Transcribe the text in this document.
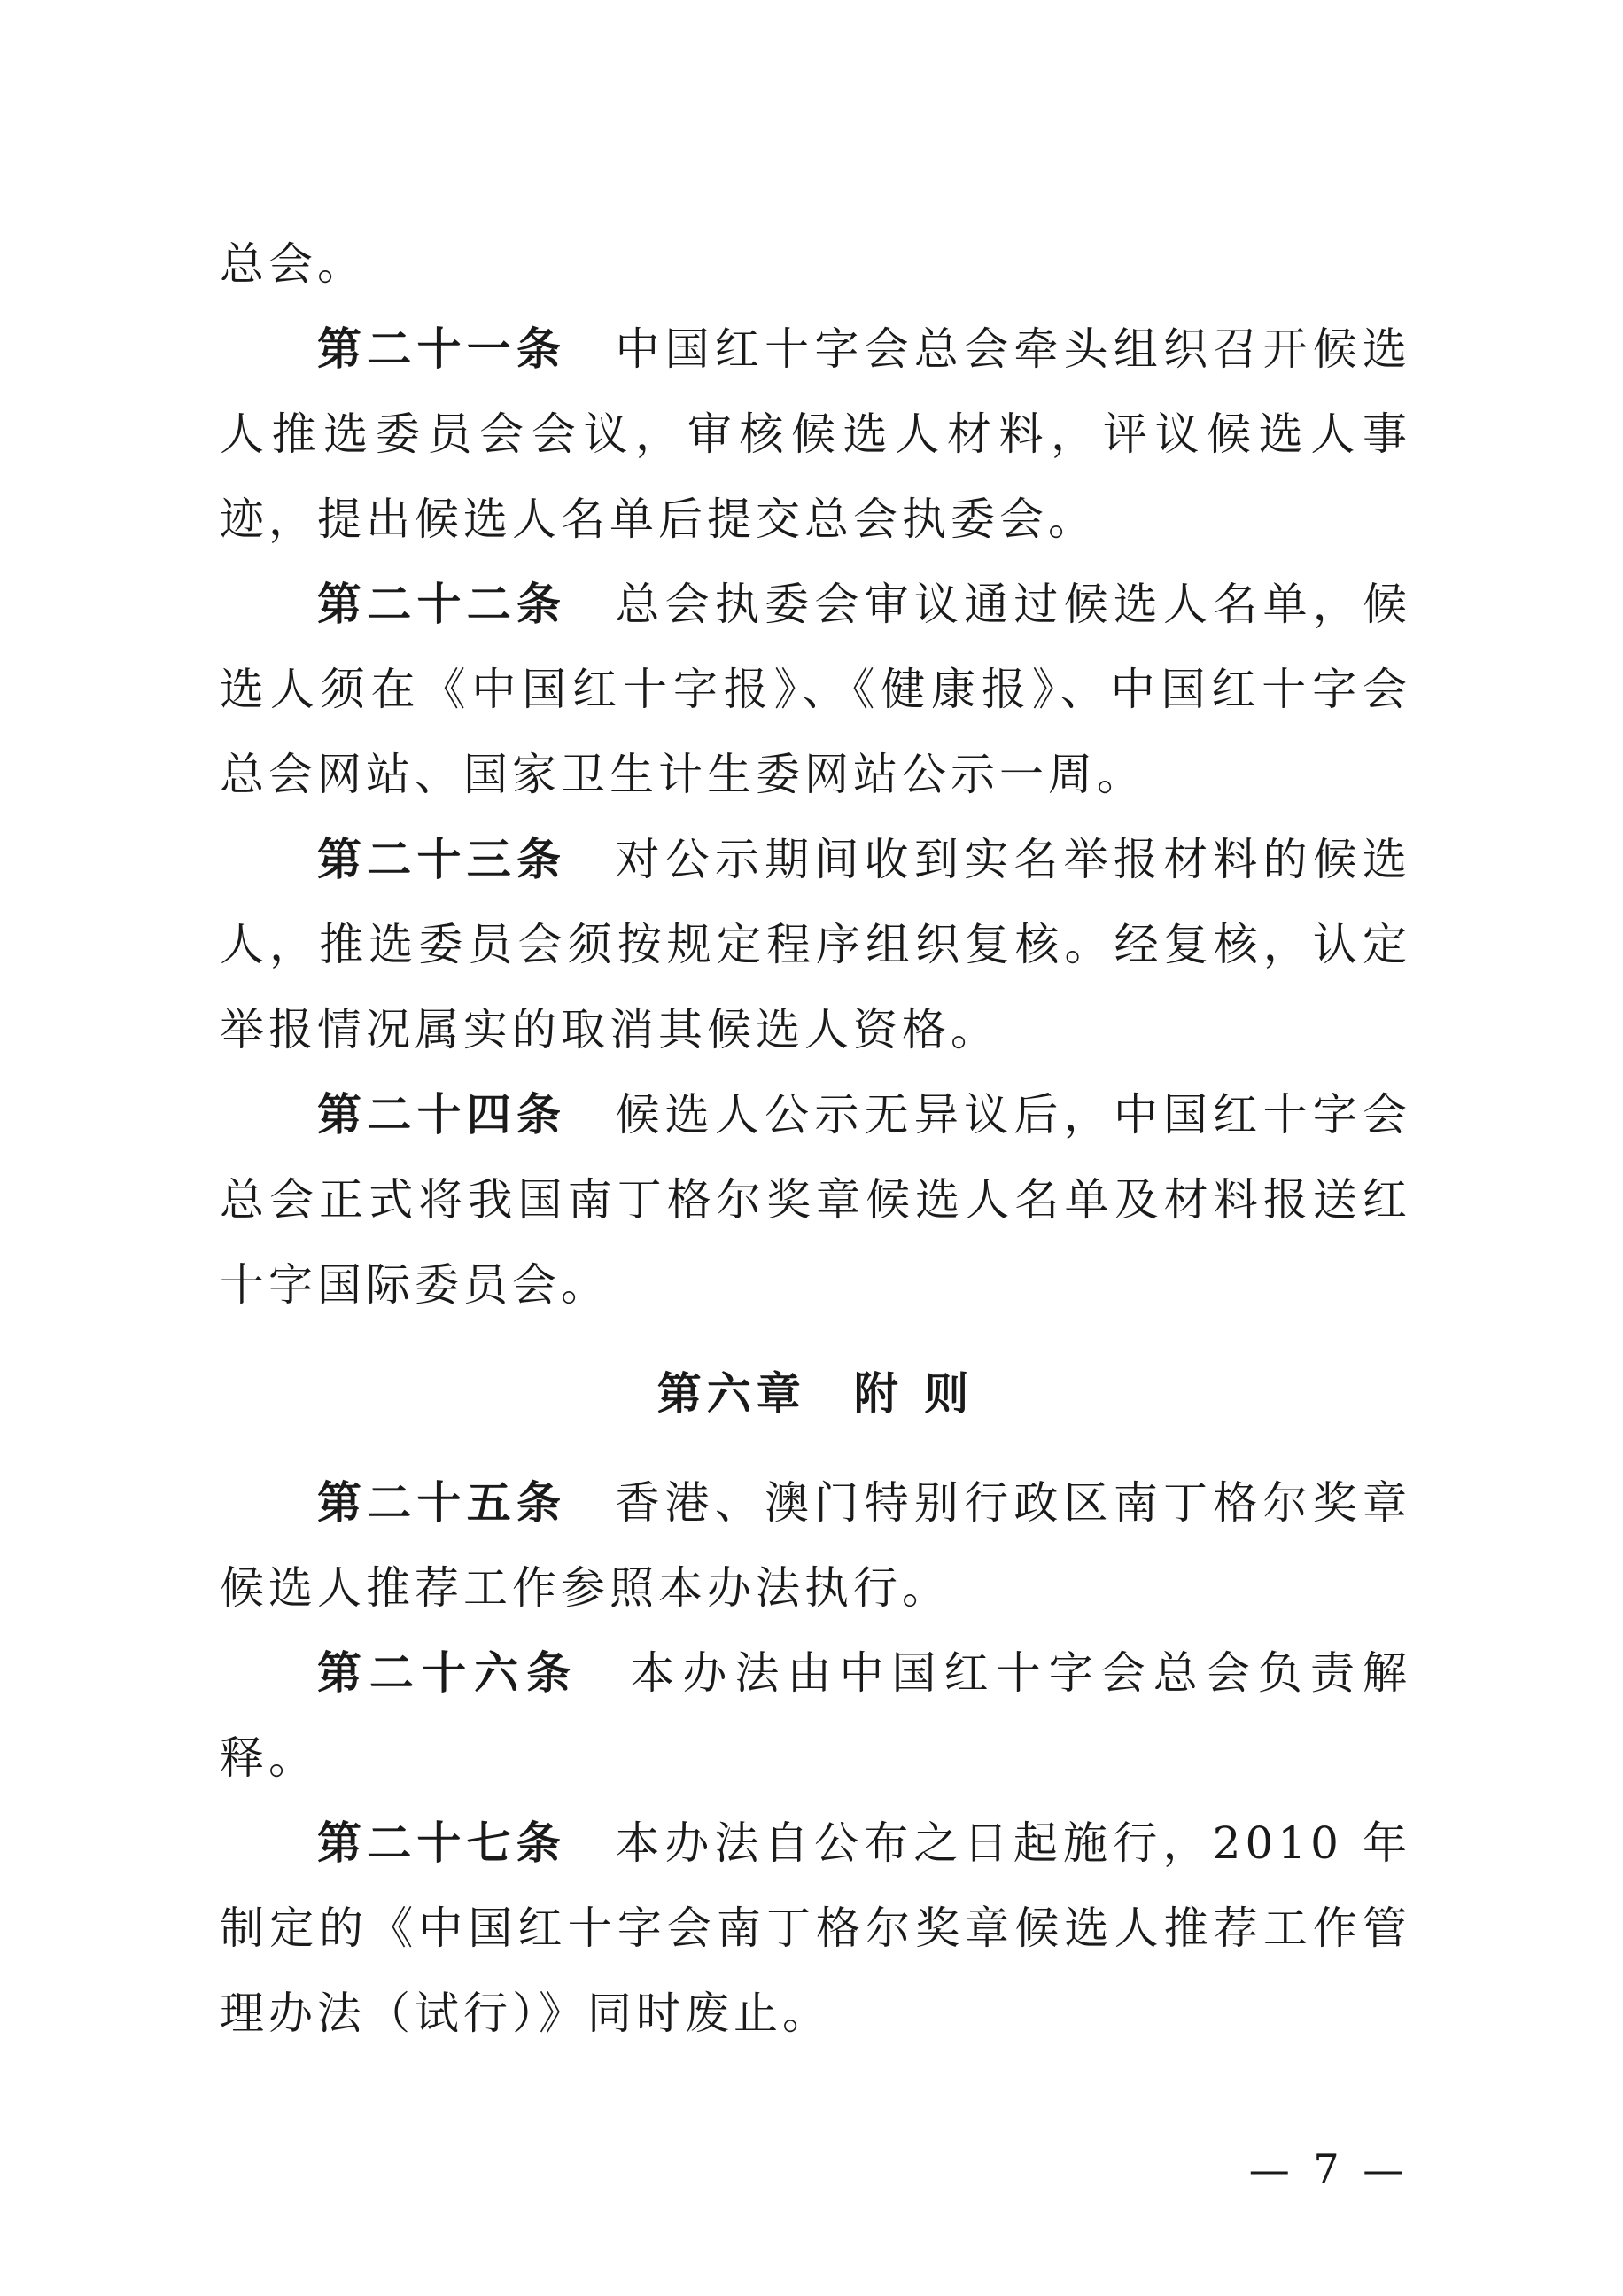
总会。

第二十一条 中国红十字会总会牵头组织召开候选人推选委员会会议，审核候选人材料，评议候选人事迹，提出候选人名单后提交总会执委会。

第二十二条 总会执委会审议通过候选人名单，候选人须在《中国红十字报》、《健康报》、中国红十字会总会网站、国家卫生计生委网站公示一周。

第二十三条 对公示期间收到实名举报材料的候选人，推选委员会须按规定程序组织复核。经复核，认定举报情况属实的取消其候选人资格。

第二十四条 候选人公示无异议后，中国红十字会总会正式将我国南丁格尔奖章候选人名单及材料报送红十字国际委员会。

第六章 附 则

第二十五条 香港、澳门特别行政区南丁格尔奖章候选人推荐工作参照本办法执行。

第二十六条 本办法由中国红十字会总会负责解释。

第二十七条 本办法自公布之日起施行，2010 年制定的《中国红十字会南丁格尔奖章候选人推荐工作管理办法（试行）》同时废止。

— 7 —
